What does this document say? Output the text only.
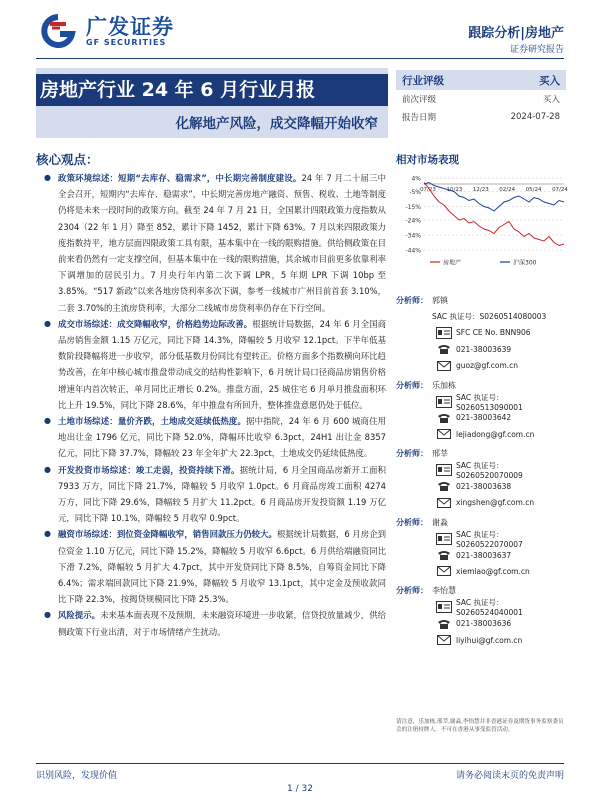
广发证券
GF SECURITIES
跟踪分析|房地产
证券研究报告
房地产行业 24 年 6 月行业月报
化解地产风险，成交降幅开始收窄
行业评级	买入
前次评级	买入
报告日期	2024-07-28
核心观点：
● 政策环境综述：短期“去库存、稳需求”，中长期完善制度建设。24 年 7 月二十届三中全会召开，短期内“去库存、稳需求”，中长期完善房地产融资、预售、税收、土地等制度仍将是未来一段时间的政策方向。截至 24 年 7 月 21 日，全国累计四限政策力度指数从 2304（22 年 1 月）降至 852，累计下降 1452，累计下降 63%。7 月以来四限政策力度指数持平，地方层面四限政策工具有限，基本集中在一线的限购措施。供给侧政策在目前来看仍然有一定支撑空间，但基本集中在一线的限购措施，其余城市目前更多依靠利率下调增加的居民引力。7 月央行年内第二次下调 LPR，5 年期 LPR 下调 10bp 至 3.85%。“517 新政”以来各地房贷利率多次下调，参考一线城市广州目前首套 3.10%，二套 3.70%的主流房贷利率，大部分二线城市房贷利率仍存在下行空间。
● 成交市场综述：成交降幅收窄，价格趋势边际改善。根据统计局数据，24 年 6 月全国商品房销售金额 1.15 万亿元，同比下降 14.3%，降幅较 5 月收窄 12.1pct。下半年低基数阶段降幅将进一步收窄，部分低基数月份同比有望转正。价格方面多个指数横向环比趋势改善，在年中核心城市推盘带动成交的结构性影响下，6 月统计局口径商品房销售价格增速年内首次转正，单月同比正增长 0.2%。推盘方面，25 城住宅 6 月单月推盘面积环比上升 19.5%，同比下降 28.6%，年中推盘有所回升，整体推盘意愿仍处于低位。
● 土地市场综述：量价齐跌，土地成交延续低热度。据中指院，24 年 6 月 600 城商住用地出让金 1796 亿元，同比下降 52.0%，降幅环比收窄 6.3pct，24H1 出让金 8357 亿元，同比下降 37.7%，降幅较 23 年全年扩大 22.3pct，土地成交仍延续低热度。
● 开发投资市场综述：竣工走弱，投资持续下滑。据统计局，6 月全国商品房新开工面积 7933 万方，同比下降 21.7%，降幅较 5 月收窄 1.0pct。6 月商品房竣工面积 4274 万方，同比下降 29.6%，降幅较 5 月扩大 11.2pct。6 月商品房开发投资额 1.19 万亿元，同比下降 10.1%，降幅较 5 月收窄 0.9pct。
● 融资市场综述：到位资金降幅收窄，销售回款压力仍较大。根据统计局数据，6 月房企到位资金 1.10 万亿元，同比下降 15.2%，降幅较 5 月收窄 6.6pct。6 月供给端融资同比下滑 7.2%，降幅较 5 月扩大 4.7pct，其中开发贷同比下降 8.5%，自筹资金同比下降 6.4%；需求端回款同比下降 21.9%，降幅较 5 月收窄 13.1pct，其中定金及预收款同比下降 22.3%，按揭贷规模同比下降 25.3%。
● 风险提示。未来基本面表现不及预期，未来融资环境进一步收紧，信贷投放量减少，供给侧政策下行业出清，对于市场情绪产生扰动。
相对市场表现
4%
-5%
-15%
-24%
-34%
-44%
07/23 10/23 12/23 02/24 05/24 07/24
房地产	沪深300
分析师： 郭镇
SAC 执证号：S0260514080003
SFC CE No. BNN906
021-38003639
guoz@gf.com.cn
分析师： 乐加栋
SAC 执证号：S0260513090001
021-38003642
lejiadong@gf.com.cn
分析师： 邢莘
SAC 执证号：S0260520070009
021-38003638
xingshen@gf.com.cn
分析师： 谢淼
SAC 执证号：S0260522070007
021-38003637
xiemiao@gf.com.cn
分析师： 李怡慧
SAC 执证号：S0260524040001
021-38003636
liyihui@gf.com.cn
请注意，乐加栋,邢莘,谢淼,李怡慧并非香港证券及期货事务监察委员会的注册持牌人，不可在香港从事受监管活动。
识别风险，发现价值	请务必阅读末页的免责声明
1 / 32
